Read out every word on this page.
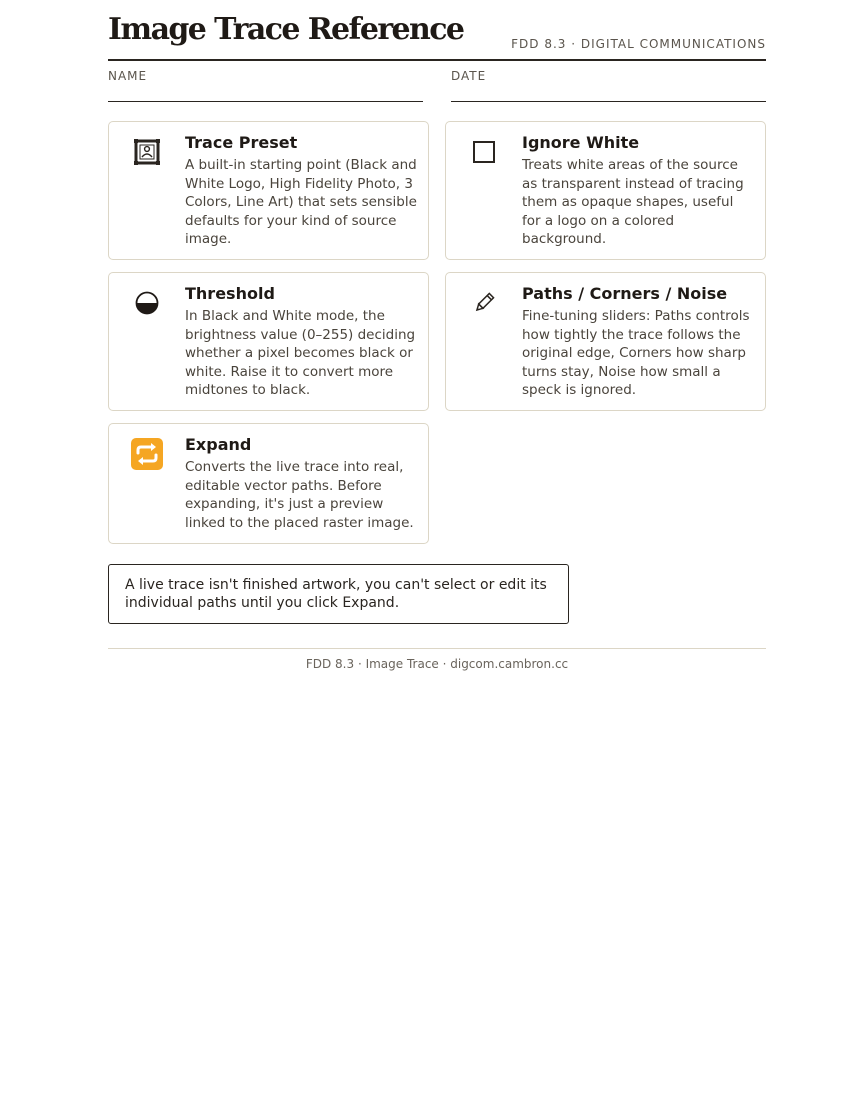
Image Trace Reference	FDD 8.3 · DIGITAL COMMUNICATIONS
NAME	DATE
Trace Preset
A built-in starting point (Black and White Logo, High Fidelity Photo, 3 Colors, Line Art) that sets sensible defaults for your kind of source image.
Ignore White
Treats white areas of the source as transparent instead of tracing them as opaque shapes, useful for a logo on a colored background.
Threshold
In Black and White mode, the brightness value (0–255) deciding whether a pixel becomes black or white. Raise it to convert more midtones to black.
Paths / Corners / Noise
Fine-tuning sliders: Paths controls how tightly the trace follows the original edge, Corners how sharp turns stay, Noise how small a speck is ignored.
Expand
Converts the live trace into real, editable vector paths. Before expanding, it's just a preview linked to the placed raster image.
A live trace isn't finished artwork, you can't select or edit its individual paths until you click Expand.
FDD 8.3 · Image Trace · digcom.cambron.cc
